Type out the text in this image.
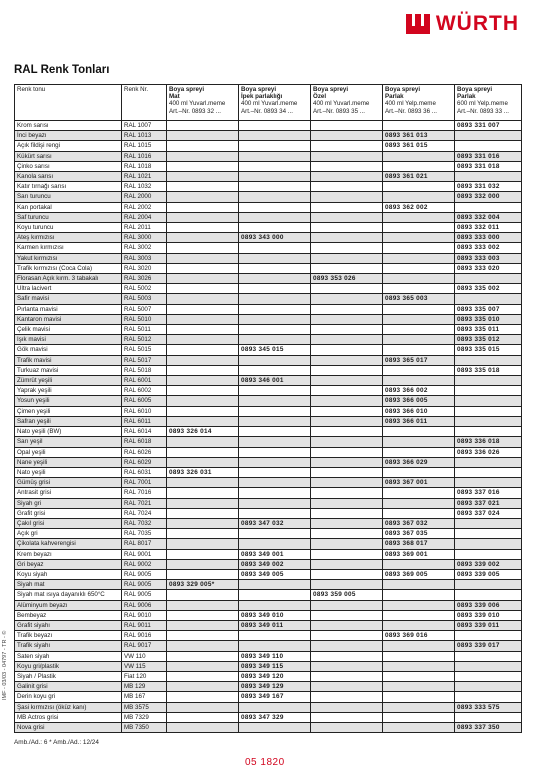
WÜRTH
RAL Renk Tonları
Renk tonu	Renk Nr.	Boya spreyi
Mat
400 ml Yuvarl.meme
Art.–Nr. 0893 32 ...	Boya spreyi
İpek parlaklığı
400 ml Yuvarl.meme
Art.–Nr. 0893 34 ...	Boya spreyi
Özel
400 ml Yuvarl.meme
Art.–Nr. 0893 35 ...	Boya spreyi
Parlak
400 ml Yelp.meme
Art.–Nr. 0893 36 ...	Boya spreyi
Parlak
600 ml Yelp.meme
Art.–Nr. 0893 33 ...

Krom sarısı	RAL 1007					0893 331 007
İnci beyazı	RAL 1013				0893 361 013	
Açık fildişi rengi	RAL 1015				0893 361 015	
Kükürt sarısı	RAL 1016					0893 331 016
Çinko sarısı	RAL 1018					0893 331 018
Kanola sarısı	RAL 1021				0893 361 021	
Katır tırnağı sarısı	RAL 1032					0893 331 032
Sarı turuncu	RAL 2000					0893 332 000
Kan portakal	RAL 2002				0893 362 002	
Saf turuncu	RAL 2004					0893 332 004
Koyu turuncu	RAL 2011					0893 332 011
Ateş kırmızısı	RAL 3000		0893 343 000			0893 333 000
Karmen kırmızısı	RAL 3002					0893 333 002
Yakut kırmızısı	RAL 3003					0893 333 003
Trafik kırmızısı (Coca Cola)	RAL 3020					0893 333 020
Florasan Açık kırm. 3 tabakalı	RAL 3026			0893 353 026		
Ultra lacivert	RAL 5002					0893 335 002
Safir mavisi	RAL 5003				0893 365 003	
Pırlanta mavisi	RAL 5007					0893 335 007
Kantaron mavisi	RAL 5010					0893 335 010
Çelik mavisi	RAL 5011					0893 335 011
Işık mavisi	RAL 5012					0893 335 012
Gök mavisi	RAL 5015		0893 345 015			0893 335 015
Trafik mavisi	RAL 5017				0893 365 017	
Turkuaz mavisi	RAL 5018					0893 335 018
Zümrüt yeşili	RAL 6001		0893 346 001			
Yaprak yeşili	RAL 6002				0893 366 002	
Yosun yeşili	RAL 6005				0893 366 005	
Çimen yeşili	RAL 6010				0893 366 010	
Safran yeşili	RAL 6011				0893 366 011	
Nato yeşili (BW)	RAL 6014	0893 326 014				
Sarı yeşil	RAL 6018					0893 336 018
Opal yeşili	RAL 6026					0893 336 026
Nane yeşili	RAL 6029				0893 366 029	
Nato yeşili	RAL 6031	0893 326 031				
Gümüş grisi	RAL 7001				0893 367 001	
Antrasit grisi	RAL 7016					0893 337 016
Siyah gri	RAL 7021					0893 337 021
Grafit grisi	RAL 7024					0893 337 024
Çakıl grisi	RAL 7032		0893 347 032		0893 367 032	
Açık gri	RAL 7035				0893 367 035	
Çikolata kahverengisi	RAL 8017				0893 368 017	
Krem beyazı	RAL 9001		0893 349 001		0893 369 001	
Gri beyaz	RAL 9002		0893 349 002			0893 339 002
Koyu siyah	RAL 9005		0893 349 005		0893 369 005	0893 339 005
Siyah mat	RAL 9005	0893 329 005*				
Siyah mat ısıya dayanıklı 650°C	RAL 9005			0893 359 005		
Alüminyum beyazı	RAL 9006					0893 339 006
Bembeyaz	RAL 9010		0893 349 010			0893 339 010
Grafit siyahı	RAL 9011		0893 349 011			0893 339 011
Trafik beyazı	RAL 9016				0893 369 016	
Trafik siyahı	RAL 9017					0893 339 017
Saten siyah	VW 110		0893 349 110			
Koyu gri/plastik	VW 115		0893 349 115			
Siyah / Plastik	Fiat 120		0893 349 120			
Galinit grisi	MB 129		0893 349 129			
Derin koyu gri	MB 167		0893 349 167			
Şasi kırmızısı (öküz kanı)	MB 3575					0893 333 575
MB Actros grisi	MB 7329		0893 347 329			
Nova grisi	MB 7350					0893 337 350
IMF - 03/03 - 04797 - TR - ©
Amb./Ad.: 6 * Amb./Ad.: 12/24
05 1820
